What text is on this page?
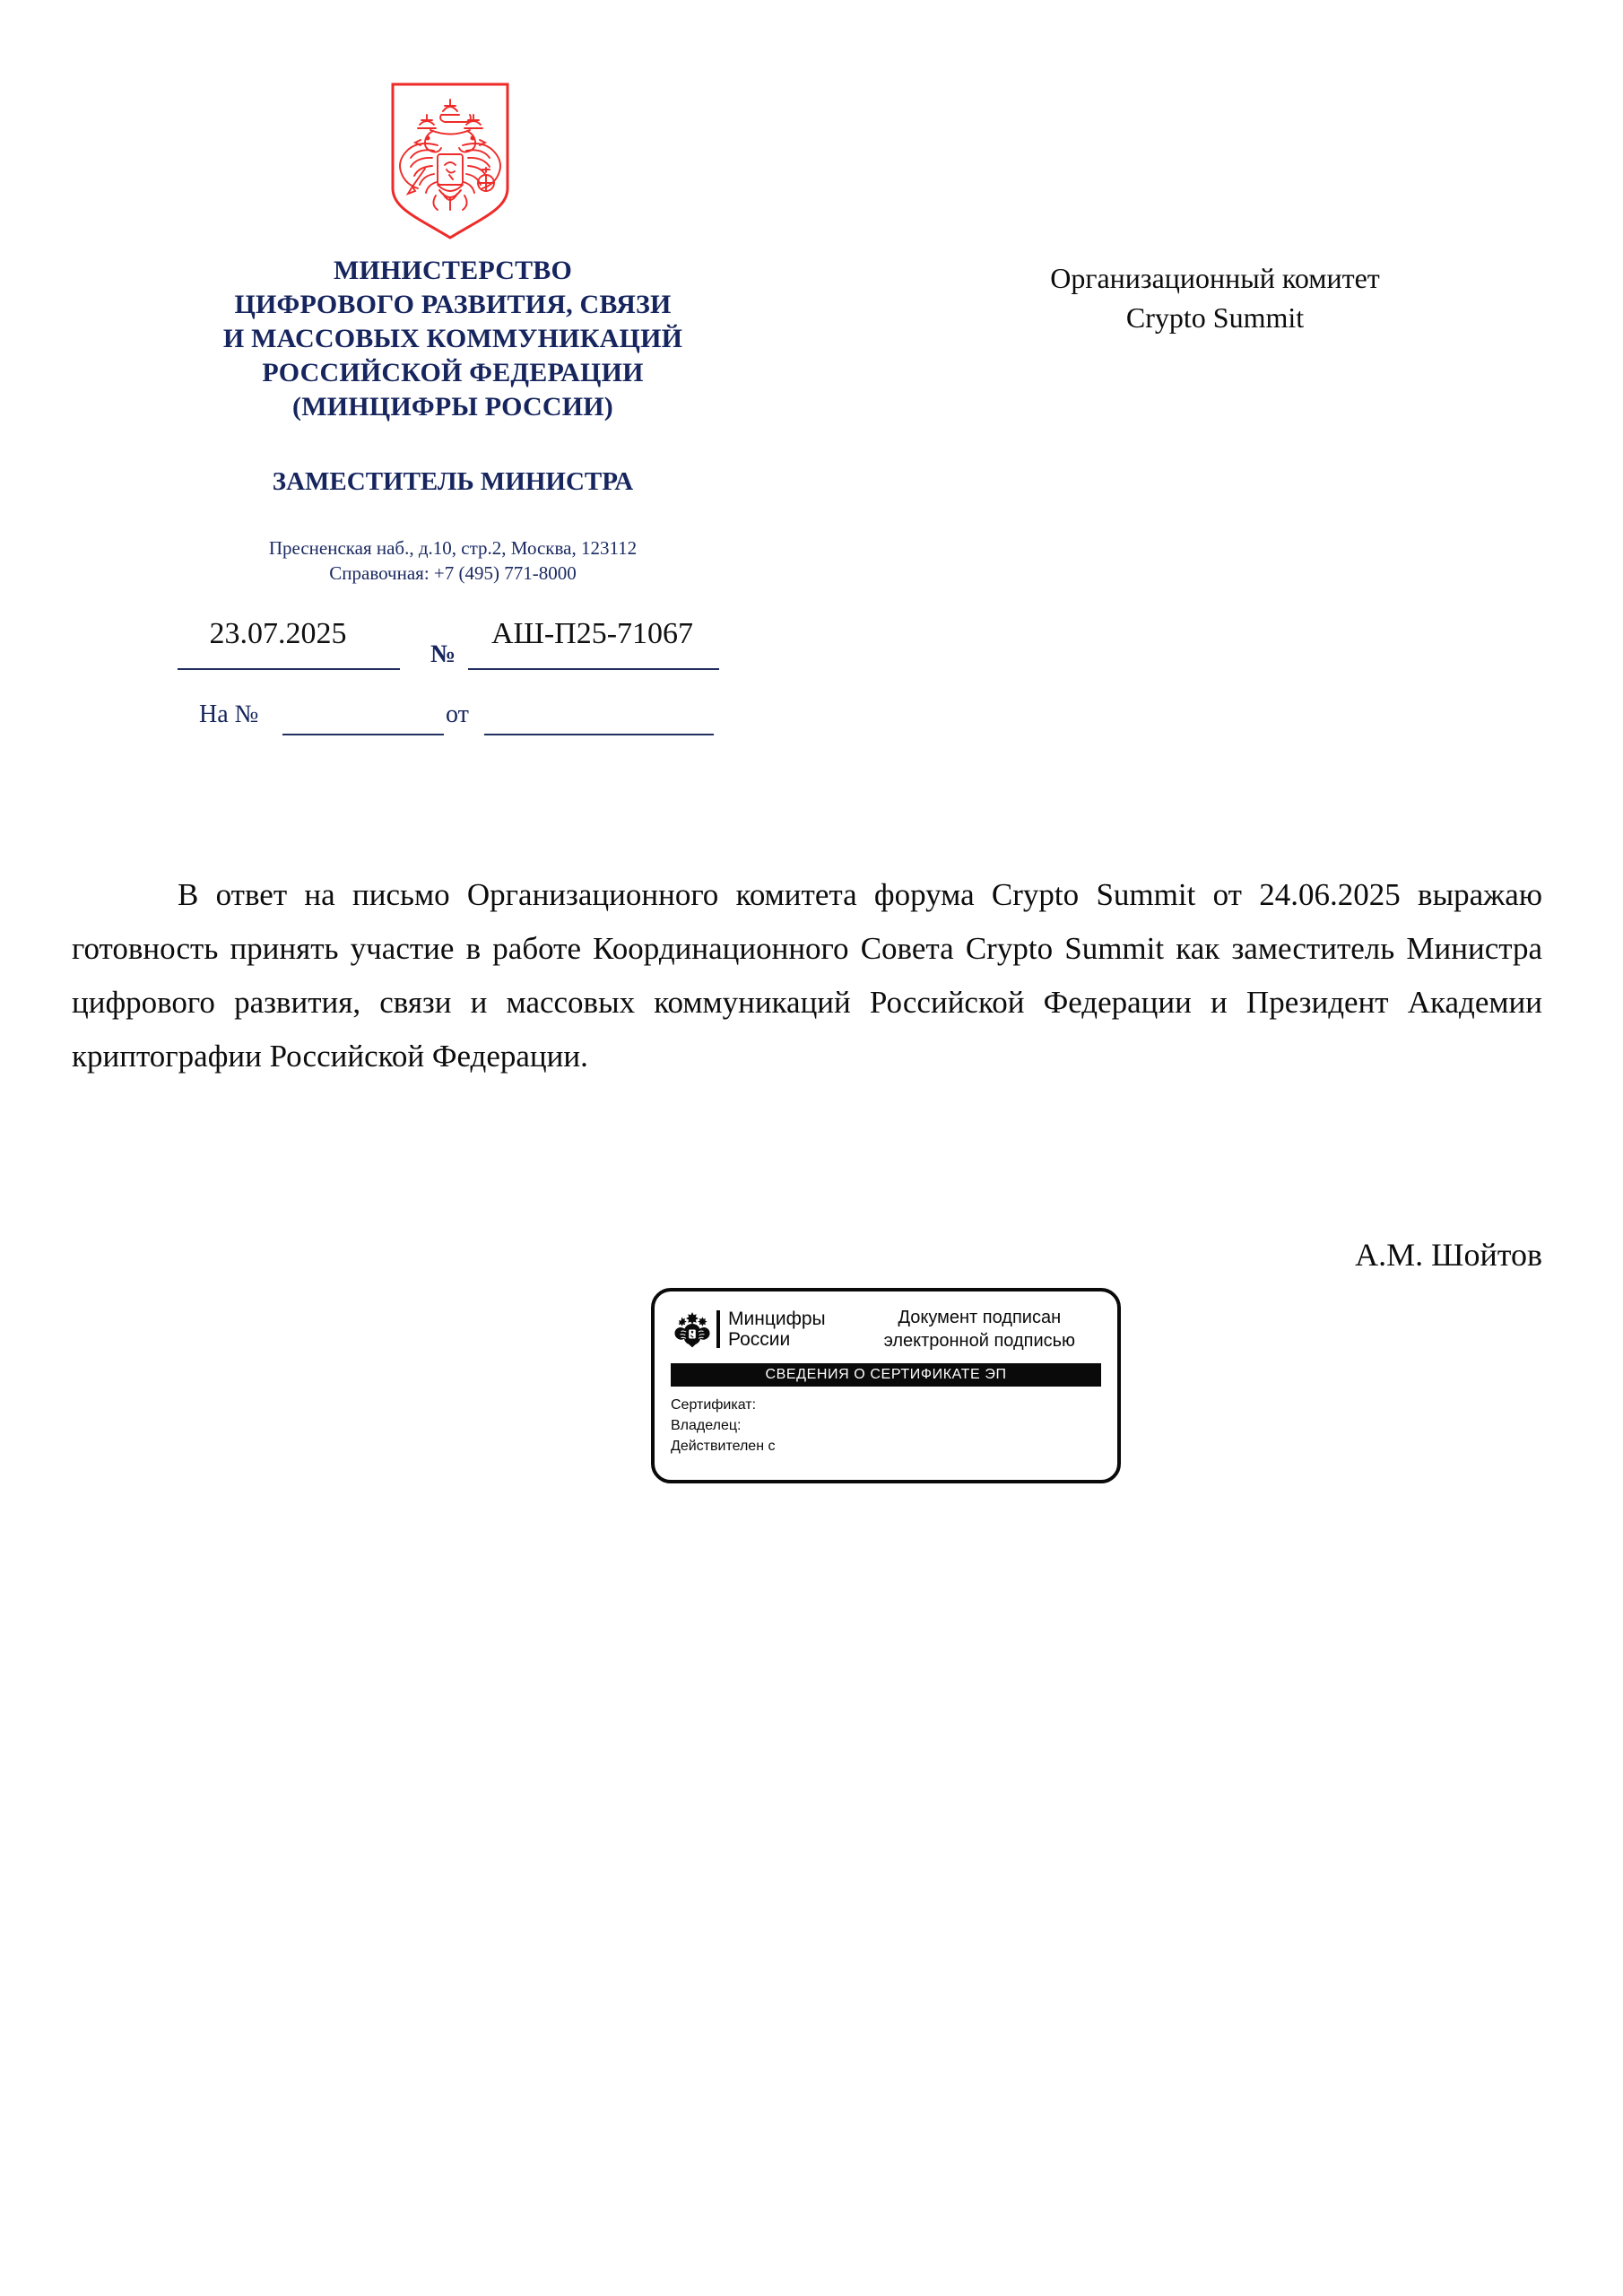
МИНИСТЕРСТВО
ЦИФРОВОГО РАЗВИТИЯ, СВЯЗИ
И МАССОВЫХ КОММУНИКАЦИЙ
РОССИЙСКОЙ ФЕДЕРАЦИИ
(МИНЦИФРЫ РОССИИ)
ЗАМЕСТИТЕЛЬ МИНИСТРА
Пресненская наб., д.10, стр.2, Москва, 123112
Справочная: +7 (495) 771-8000
23.07.2025
№
АШ-П25-71067
На №	от
Организационный комитет
Crypto Summit
В ответ на письмо Организационного комитета форума Crypto Summit от 24.06.2025 выражаю готовность принять участие в работе Координационного Совета Crypto Summit как заместитель Министра цифрового развития, связи и массовых коммуникаций Российской Федерации и Президент Академии криптографии Российской Федерации.
А.М. Шойтов
Минцифры
России
Документ подписан
электронной подписью
СВЕДЕНИЯ О СЕРТИФИКАТЕ ЭП
Сертификат:
Владелец:
Действителен с
